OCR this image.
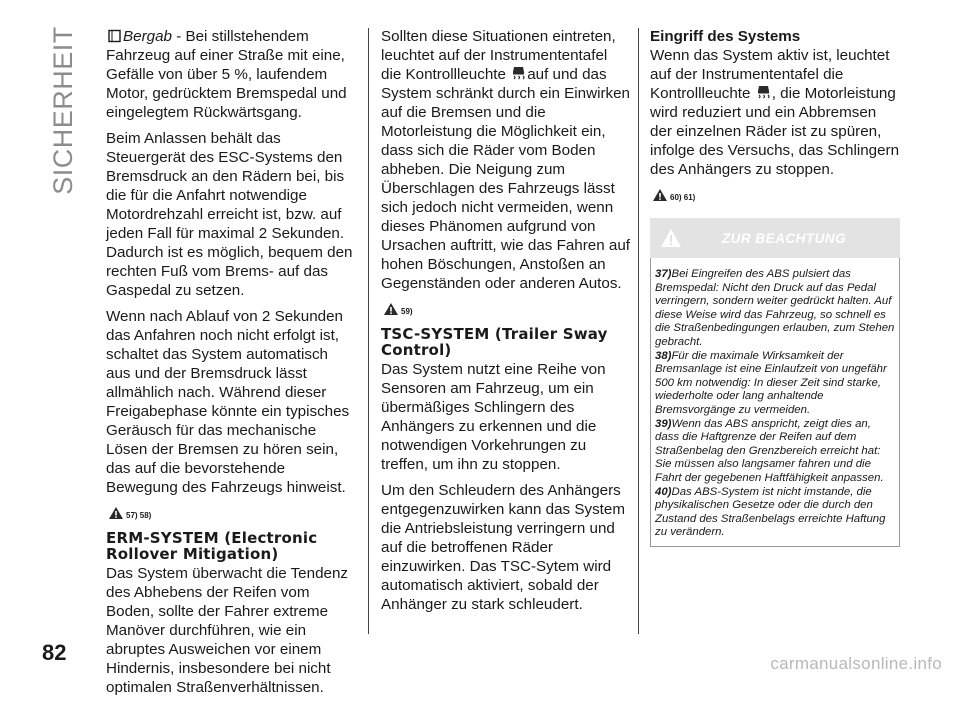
SICHERHEIT	Bergab - Bei stillstehendem Fahrzeug auf einer Straße mit eine, Gefälle von über 5 %, laufendem Motor, gedrücktem Bremspedal und eingelegtem Rückwärtsgang.

Beim Anlassen behält das Steuergerät des ESC-Systems den Bremsdruck an den Rädern bei, bis die für die Anfahrt notwendige Motordrehzahl erreicht ist, bzw. auf jeden Fall für maximal 2 Sekunden. Dadurch ist es möglich, bequem den rechten Fuß vom Brems- auf das Gaspedal zu setzen.

Wenn nach Ablauf von 2 Sekunden das Anfahren noch nicht erfolgt ist, schaltet das System automatisch aus und der Bremsdruck lässt allmählich nach. Während dieser Freigabephase könnte ein typisches Geräusch für das mechanische Lösen der Bremsen zu hören sein, das auf die bevorstehende Bewegung des Fahrzeugs hinweist.

57) 58)
ERM-SYSTEM (Electronic Rollover Mitigation)

Das System überwacht die Tendenz des Abhebens der Reifen vom Boden, sollte der Fahrer extreme Manöver durchführen, wie ein abruptes Ausweichen vor einem Hindernis, insbesondere bei nicht optimalen Straßenverhältnissen.

Sollten diese Situationen eintreten, leuchtet auf der Instrumententafel die Kontrollleuchte auf und das System schränkt durch ein Einwirken auf die Bremsen und die Motorleistung die Möglichkeit ein, dass sich die Räder vom Boden abheben. Die Neigung zum Überschlagen des Fahrzeugs lässt sich jedoch nicht vermeiden, wenn dieses Phänomen aufgrund von Ursachen auftritt, wie das Fahren auf hohen Böschungen, Anstoßen an Gegenständen oder anderen Autos.

59)
TSC-SYSTEM (Trailer Sway Control)

Das System nutzt eine Reihe von Sensoren am Fahrzeug, um ein übermäßiges Schlingern des Anhängers zu erkennen und die notwendigen Vorkehrungen zu treffen, um ihn zu stoppen.

Um den Schleudern des Anhängers entgegenzuwirken kann das System die Antriebsleistung verringern und auf die betroffenen Räder einzuwirken. Das TSC-Sytem wird automatisch aktiviert, sobald der Anhänger zu stark schleudert.

Eingriff des Systems

Wenn das System aktiv ist, leuchtet auf der Instrumententafel die Kontrollleuchte , die Motorleistung wird reduziert und ein Abbremsen der einzelnen Räder ist zu spüren, infolge des Versuchs, das Schlingern des Anhängers zu stoppen.

60) 61)
ZUR BEACHTUNG
37)Bei Eingreifen des ABS pulsiert das Bremspedal: Nicht den Druck auf das Pedal verringern, sondern weiter gedrückt halten. Auf diese Weise wird das Fahrzeug, so schnell es die Straßenbedingungen erlauben, zum Stehen gebracht.
38)Für die maximale Wirksamkeit der Bremsanlage ist eine Einlaufzeit von ungefähr 500 km notwendig: In dieser Zeit sind starke, wiederholte oder lang anhaltende Bremsvorgänge zu vermeiden.
39)Wenn das ABS anspricht, zeigt dies an, dass die Haftgrenze der Reifen auf dem Straßenbelag den Grenzbereich erreicht hat: Sie müssen also langsamer fahren und die Fahrt der gegebenen Haftfähigkeit anpassen.
40)Das ABS-System ist nicht imstande, die physikalischen Gesetze oder die durch den Zustand des Straßenbelags erreichte Haftung zu verändern.
82	carmanualsonline.info
